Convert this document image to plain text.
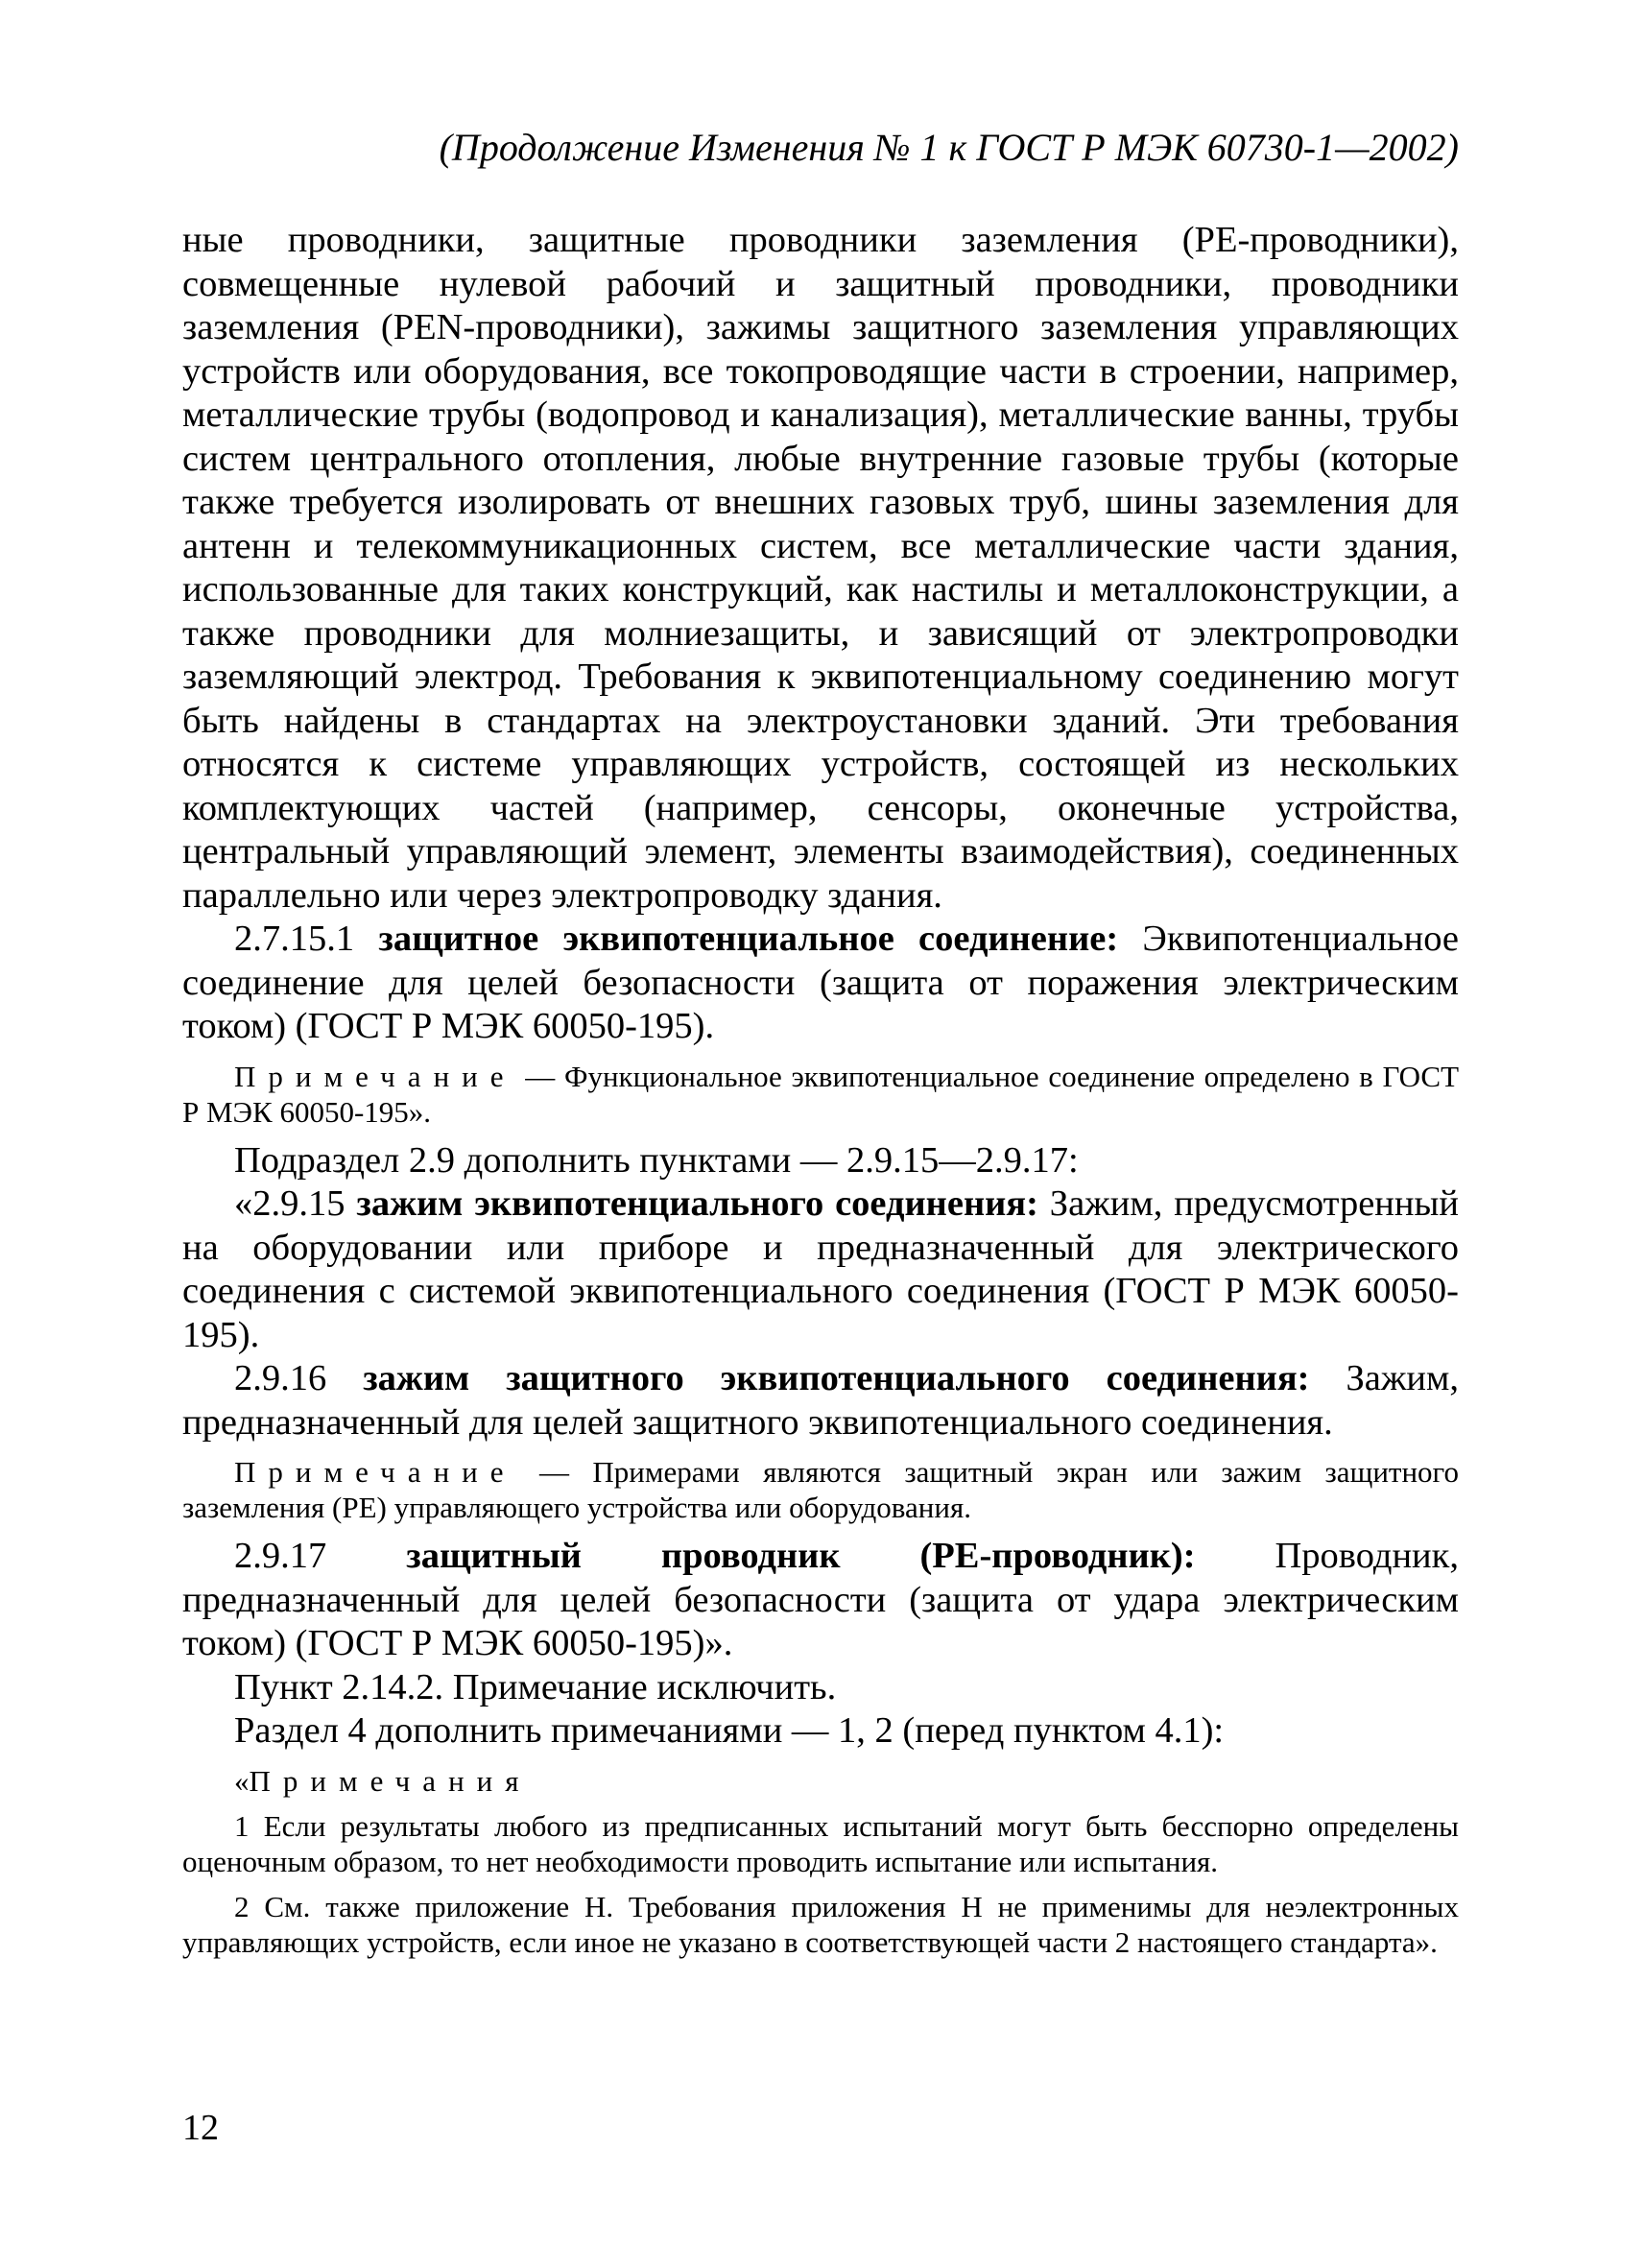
(Продолжение Изменения № 1 к ГОСТ Р МЭК 60730-1—2002)

ные проводники, защитные проводники заземления (PE-проводники), совмещенные нулевой рабочий и защитный проводники, проводники заземления (PEN-проводники), зажимы защитного заземления управляющих устройств или оборудования, все токопроводящие части в строении, например, металлические трубы (водопровод и канализация), металлические ванны, трубы систем центрального отопления, любые внутренние газовые трубы (которые также требуется изолировать от внешних газовых труб, шины заземления для антенн и телекоммуникационных систем, все металлические части здания, использованные для таких конструкций, как настилы и металлоконструкции, а также проводники для молниезащиты, и зависящий от электропроводки заземляющий электрод. Требования к эквипотенциальному соединению могут быть найдены в стандартах на электроустановки зданий. Эти требования относятся к системе управляющих устройств, состоящей из нескольких комплектующих частей (например, сенсоры, оконечные устройства, центральный управляющий элемент, элементы взаимодействия), соединенных параллельно или через электропроводку здания.

2.7.15.1 защитное эквипотенциальное соединение: Эквипотенциальное соединение для целей безопасности (защита от поражения электрическим током) (ГОСТ Р МЭК 60050-195).

Примечание — Функциональное эквипотенциальное соединение определено в ГОСТ Р МЭК 60050-195».

Подраздел 2.9 дополнить пунктами — 2.9.15—2.9.17:

«2.9.15 зажим эквипотенциального соединения: Зажим, предусмотренный на оборудовании или приборе и предназначенный для электрического соединения с системой эквипотенциального соединения (ГОСТ Р МЭК 60050-195).

2.9.16 зажим защитного эквипотенциального соединения: Зажим, предназначенный для целей защитного эквипотенциального соединения.

Примечание — Примерами являются защитный экран или зажим защитного заземления (PE) управляющего устройства или оборудования.

2.9.17 защитный проводник (PE-проводник): Проводник, предназначенный для целей безопасности (защита от удара электрическим током) (ГОСТ Р МЭК 60050-195)».

Пункт 2.14.2. Примечание исключить.

Раздел 4 дополнить примечаниями — 1, 2 (перед пунктом 4.1):

«Примечания

1 Если результаты любого из предписанных испытаний могут быть бесспорно определены оценочным образом, то нет необходимости проводить испытание или испытания.

2 См. также приложение Н. Требования приложения Н не применимы для неэлектронных управляющих устройств, если иное не указано в соответствующей части 2 настоящего стандарта».

12
